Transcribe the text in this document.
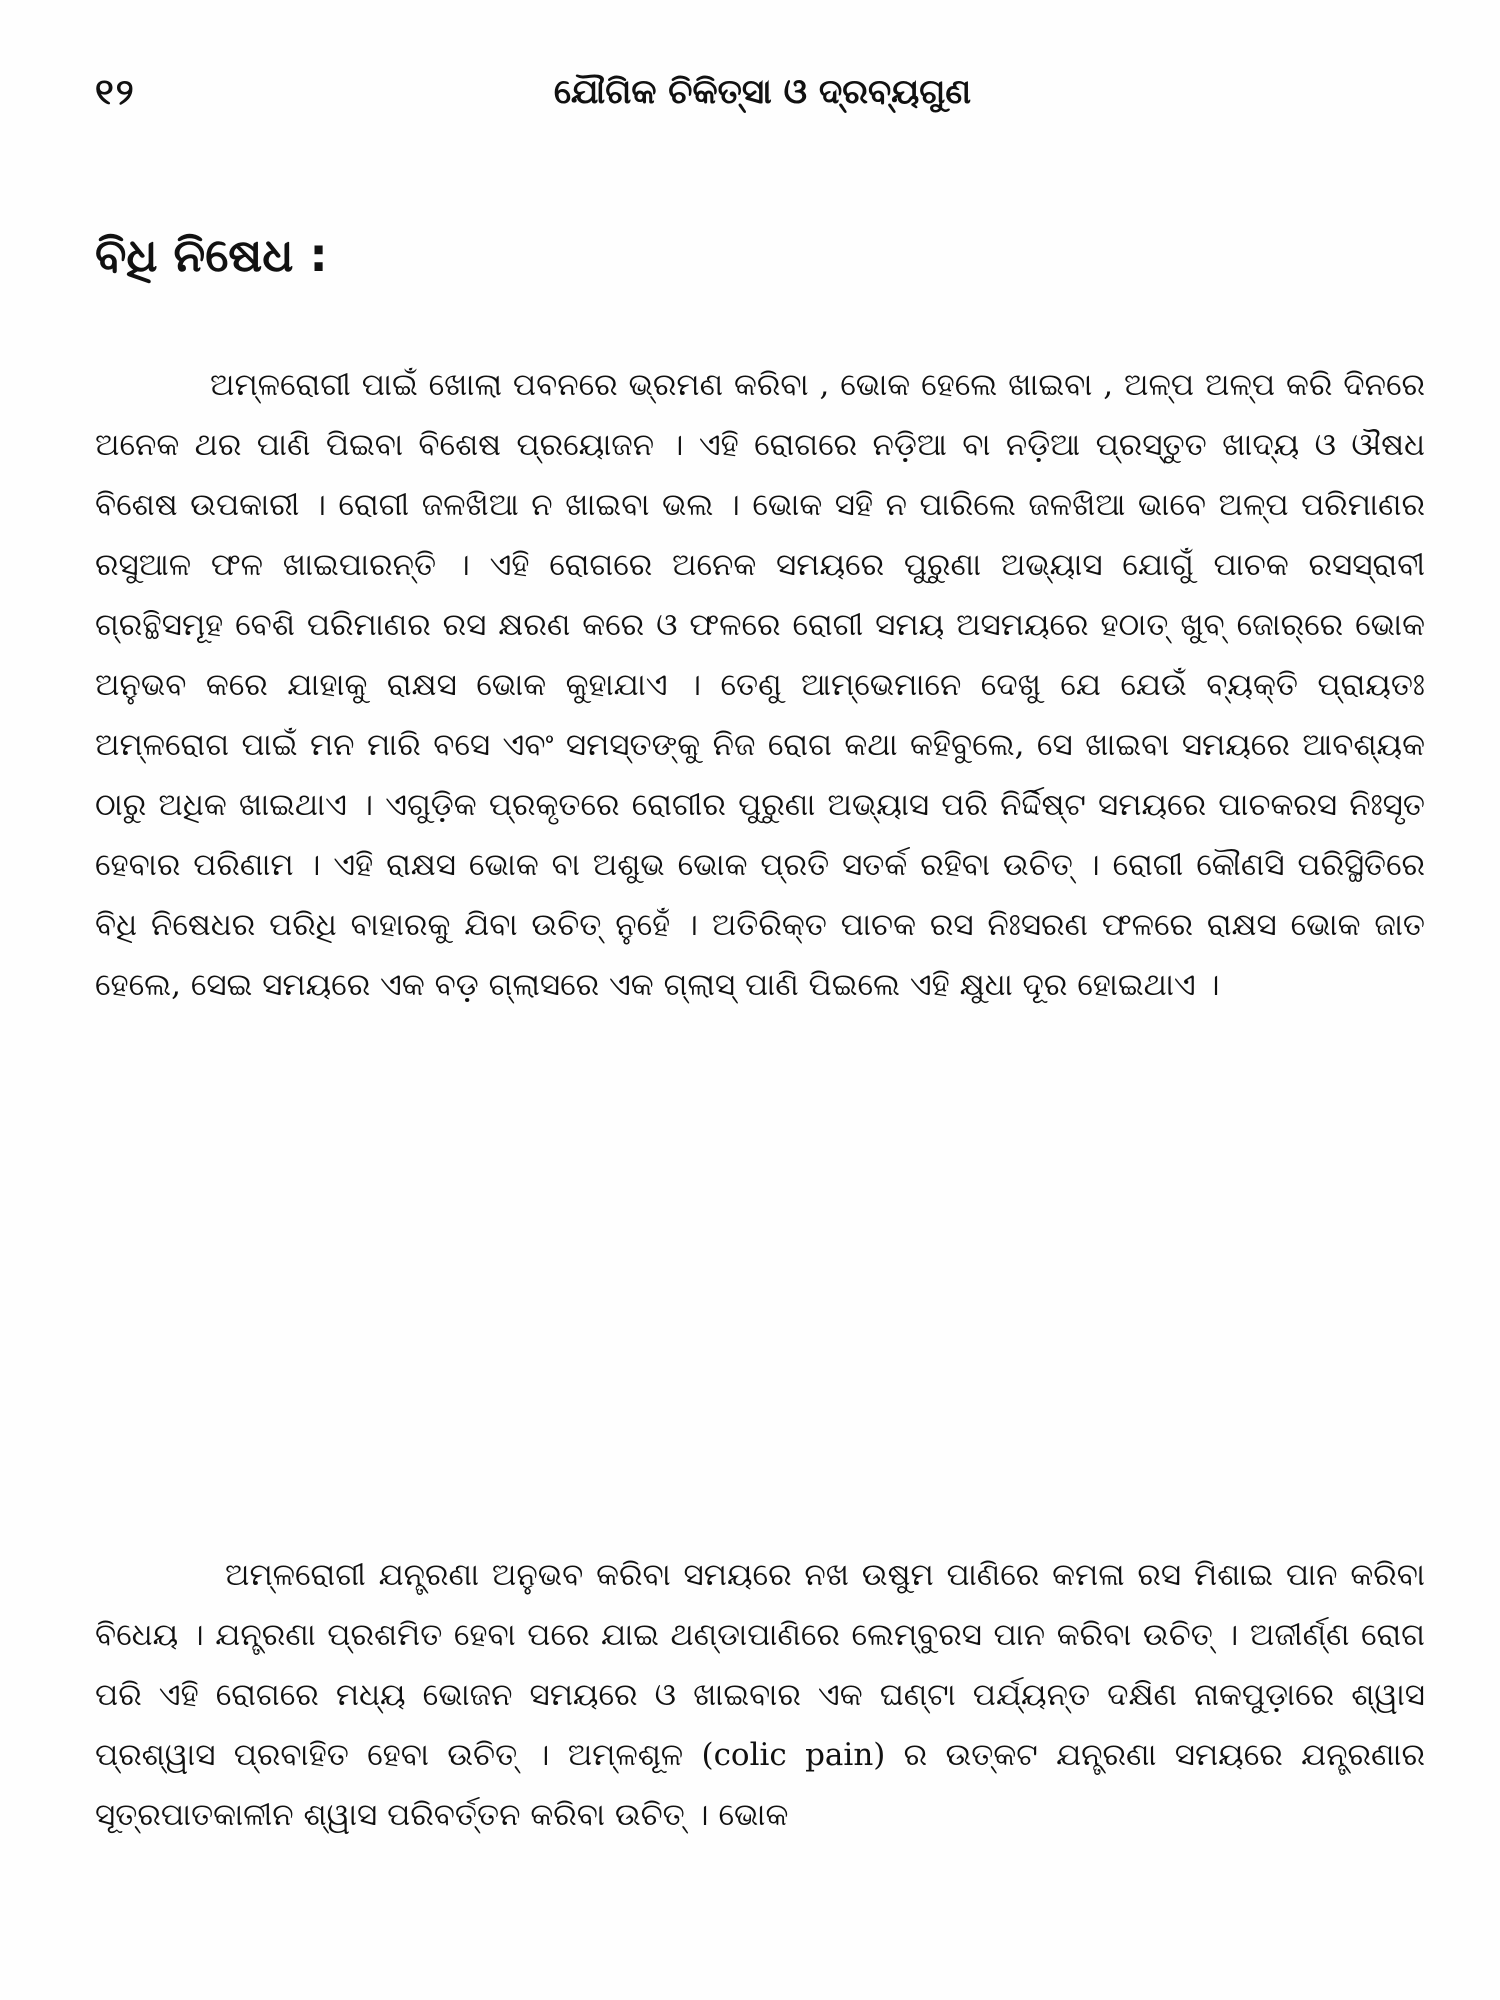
୧୨	ଯୌଗିକ ଚିକିତ୍ସା ଓ ଦ୍ରବ୍ୟଗୁଣ
ବିଧି ନିଷେଧ :

ଅମ୍ଳରୋଗୀ ପାଇଁ ଖୋଲା ପବନରେ ଭ୍ରମଣ କରିବା , ଭୋକ ହେଲେ ଖାଇବା , ଅଳ୍ପ ଅଳ୍ପ କରି ଦିନରେ ଅନେକ ଥର ପାଣି ପିଇବା ବିଶେଷ ପ୍ରୟୋଜନ । ଏହି ରୋଗରେ ନଡ଼ିଆ ବା ନଡ଼ିଆ ପ୍ରସ୍ତୁତ ଖାଦ୍ୟ ଓ ଔଷଧ ବିଶେଷ ଉପକାରୀ । ରୋଗୀ ଜଳଖିଆ ନ ଖାଇବା ଭଲ । ଭୋକ ସହି ନ ପାରିଲେ ଜଳଖିଆ ଭାବେ ଅଳ୍ପ ପରିମାଣର ରସୁଆଳ ଫଳ ଖାଇପାରନ୍ତି । ଏହି ରୋଗରେ ଅନେକ ସମୟରେ ପୁରୁଣା ଅଭ୍ୟାସ ଯୋଗୁଁ ପାଚକ ରସସ୍ରାବୀ ଗ୍ରନ୍ଥିସମୂହ ବେଶି ପରିମାଣର ରସ କ୍ଷରଣ କରେ ଓ ଫଳରେ ରୋଗୀ ସମୟ ଅସମୟରେ ହଠାତ୍ ଖୁବ୍ ଜୋର୍‌ରେ ଭୋକ ଅନୁଭବ କରେ ଯାହାକୁ ରାକ୍ଷସ ଭୋକ କୁହାଯାଏ । ତେଣୁ ଆମ୍ଭେମାନେ ଦେଖୁ ଯେ ଯେଉଁ ବ୍ୟକ୍ତି ପ୍ରାୟତଃ ଅମ୍ଳରୋଗ ପାଇଁ ମନ ମାରି ବସେ ଏବଂ ସମସ୍ତଙ୍କୁ ନିଜ ରୋଗ କଥା କହିବୁଲେ, ସେ ଖାଇବା ସମୟରେ ଆବଶ୍ୟକ ଠାରୁ ଅଧିକ ଖାଇଥାଏ । ଏଗୁଡ଼ିକ ପ୍ରକୃତରେ ରୋଗୀର ପୁରୁଣା ଅଭ୍ୟାସ ପରି ନିର୍ଦ୍ଦିଷ୍ଟ ସମୟରେ ପାଚକରସ ନିଃସୃତ ହେବାର ପରିଣାମ । ଏହି ରାକ୍ଷସ ଭୋକ ବା ଅଶୁଭ ଭୋକ ପ୍ରତି ସତର୍କ ରହିବା ଉଚିତ୍ । ରୋଗୀ କୌଣସି ପରିସ୍ଥିତିରେ ବିଧି ନିଷେଧର ପରିଧି ବାହାରକୁ ଯିବା ଉଚିତ୍ ନୁହେଁ । ଅତିରିକ୍ତ ପାଚକ ରସ ନିଃସରଣ ଫଳରେ ରାକ୍ଷସ ଭୋକ ଜାତ ହେଲେ, ସେଇ ସମୟରେ ଏକ ବଡ଼ ଗ୍ଲାସରେ ଏକ ଗ୍ଲାସ୍ ପାଣି ପିଇଲେ ଏହି କ୍ଷୁଧା ଦୂର ହୋଇଥାଏ ।

ଅମ୍ଳରୋଗୀ ଯନ୍ତ୍ରଣା ଅନୁଭବ କରିବା ସମୟରେ ନଖ ଉଷୁମ ପାଣିରେ କମଳା ରସ ମିଶାଇ ପାନ କରିବା ବିଧେୟ । ଯନ୍ତ୍ରଣା ପ୍ରଶମିତ ହେବା ପରେ ଯାଇ ଥଣ୍ଡାପାଣିରେ ଲେମ୍ବୁରସ ପାନ କରିବା ଉଚିତ୍ । ଅଜୀର୍ଣ୍ଣ ରୋଗ ପରି ଏହି ରୋଗରେ ମଧ୍ୟ ଭୋଜନ ସମୟରେ ଓ ଖାଇବାର ଏକ ଘଣ୍ଟା ପର୍ଯ୍ୟନ୍ତ ଦକ୍ଷିଣ ନାକପୁଡ଼ାରେ ଶ୍ୱାସ ପ୍ରଶ୍ୱାସ ପ୍ରବାହିତ ହେବା ଉଚିତ୍ । ଅମ୍ଳଶୂଳ (colic pain) ର ଉତ୍କଟ ଯନ୍ତ୍ରଣା ସମୟରେ ଯନ୍ତ୍ରଣାର ସୂତ୍ରପାତକାଳୀନ ଶ୍ୱାସ ପରିବର୍ତ୍ତନ କରିବା ଉଚିତ୍ । ଭୋକ
